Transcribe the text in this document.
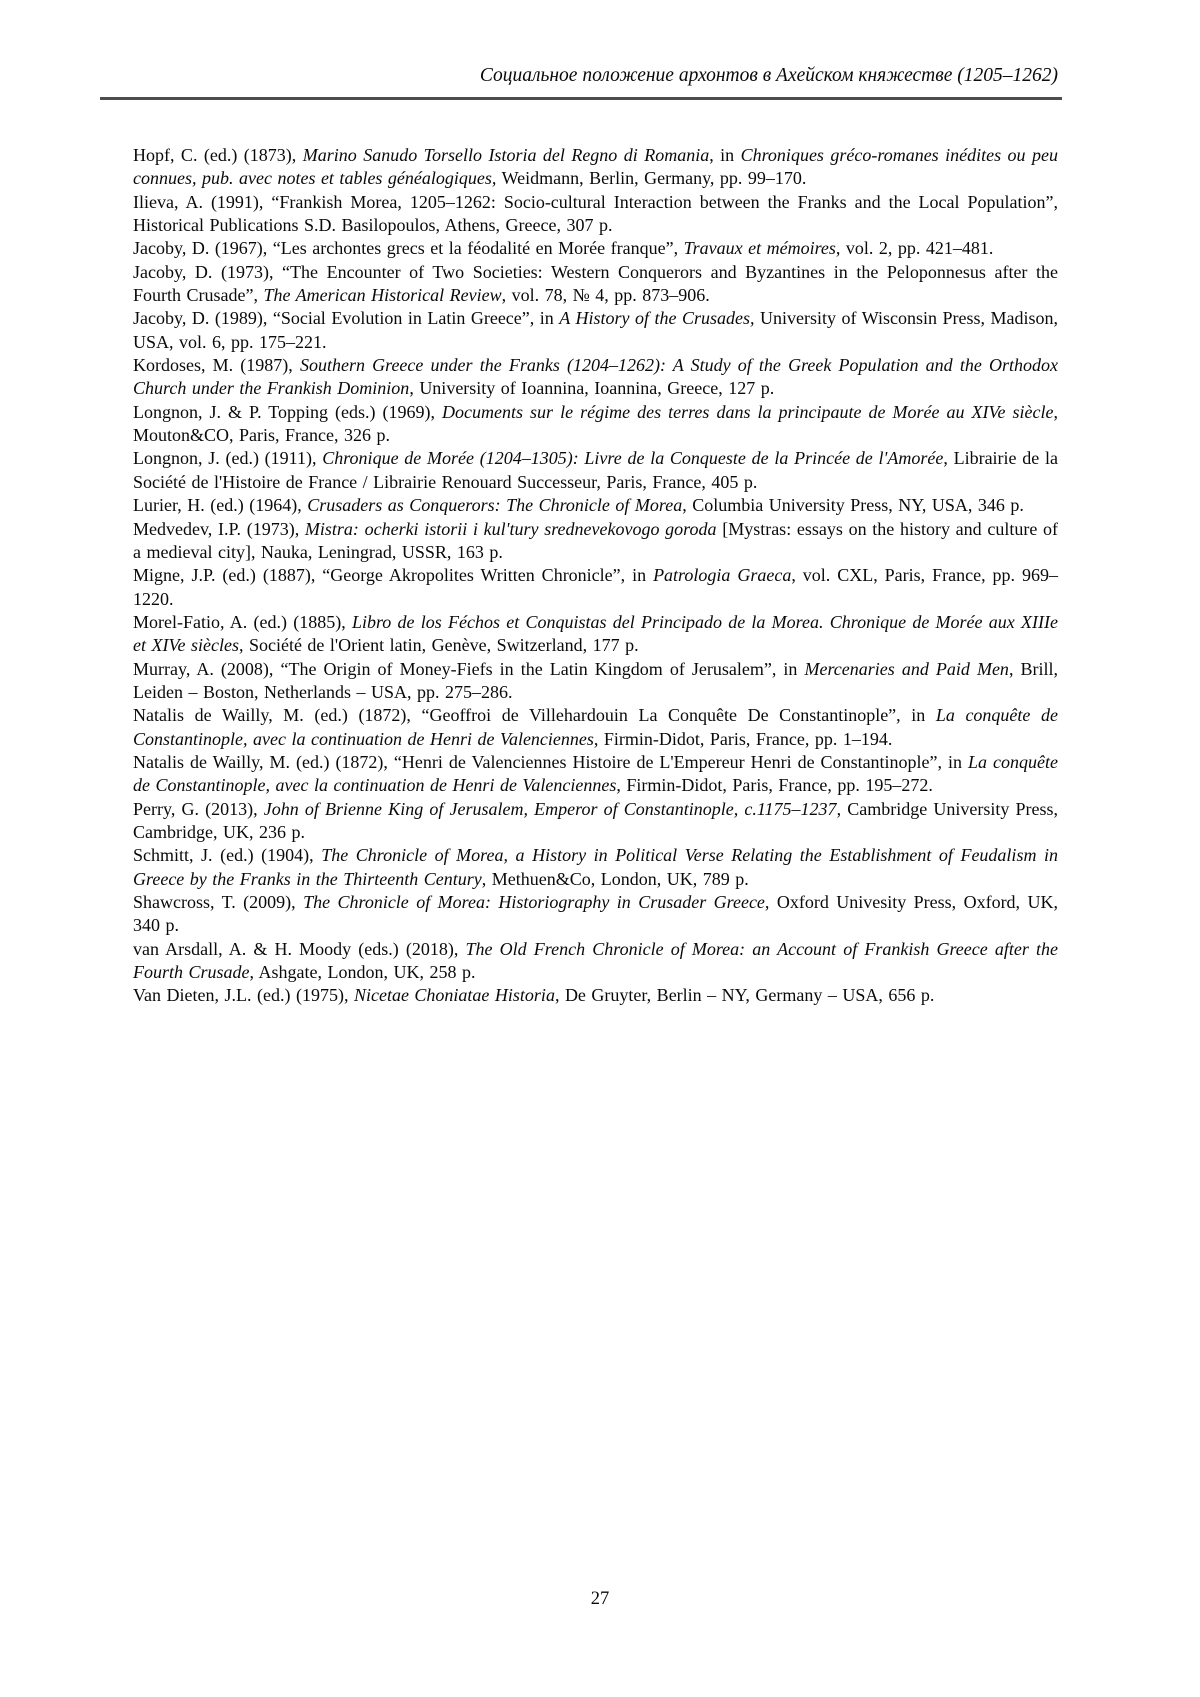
Социальное положение архонтов в Ахейском княжестве (1205–1262)

Hopf, C. (ed.) (1873), Marino Sanudo Torsello Istoria del Regno di Romania, in Chroniques gréco-romanes inédites ou peu connues, pub. avec notes et tables généalogiques, Weidmann, Berlin, Germany, pp. 99–170.

Ilieva, A. (1991), “Frankish Morea, 1205–1262: Socio-cultural Interaction between the Franks and the Local Population”, Historical Publications S.D. Basilopoulos, Athens, Greece, 307 p.

Jacoby, D. (1967), “Les archontes grecs et la féodalité en Morée franque”, Travaux et mémoires, vol. 2, pp. 421–481.

Jacoby, D. (1973), “The Encounter of Two Societies: Western Conquerors and Byzantines in the Peloponnesus after the Fourth Crusade”, The American Historical Review, vol. 78, № 4, pp. 873–906.

Jacoby, D. (1989), “Social Evolution in Latin Greece”, in A History of the Crusades, University of Wisconsin Press, Madison, USA, vol. 6, pp. 175–221.

Kordoses, M. (1987), Southern Greece under the Franks (1204–1262): A Study of the Greek Population and the Orthodox Church under the Frankish Dominion, University of Ioannina, Ioannina, Greece, 127 p.

Longnon, J. & P. Topping (eds.) (1969), Documents sur le régime des terres dans la principaute de Morée au XIVe siècle, Mouton&CO, Paris, France, 326 p.

Longnon, J. (ed.) (1911), Chronique de Morée (1204–1305): Livre de la Conqueste de la Princée de l'Amorée, Librairie de la Société de l'Histoire de France / Librairie Renouard Successeur, Paris, France, 405 p.

Lurier, H. (ed.) (1964), Crusaders as Conquerors: The Chronicle of Morea, Columbia University Press, NY, USA, 346 p.

Medvedev, I.P. (1973), Mistra: ocherki istorii i kul'tury srednevekovogo goroda [Mystras: essays on the history and culture of a medieval city], Nauka, Leningrad, USSR, 163 p.

Migne, J.P. (ed.) (1887), “George Akropolites Written Chronicle”, in Patrologia Graeca, vol. CXL, Paris, France, pp. 969–1220.

Morel-Fatio, A. (ed.) (1885), Libro de los Féchos et Conquistas del Principado de la Morea. Chronique de Morée aux XIIIe et XIVe siècles, Société de l'Orient latin, Genève, Switzerland, 177 p.

Murray, A. (2008), “The Origin of Money-Fiefs in the Latin Kingdom of Jerusalem”, in Mercenaries and Paid Men, Brill, Leiden – Boston, Netherlands – USA, pp. 275–286.

Natalis de Wailly, M. (ed.) (1872), “Geoffroi de Villehardouin La Conquête De Constantinople”, in La conquête de Constantinople, avec la continuation de Henri de Valenciennes, Firmin-Didot, Paris, France, pp. 1–194.

Natalis de Wailly, M. (ed.) (1872), “Henri de Valenciennes Histoire de L'Empereur Henri de Constantinople”, in La conquête de Constantinople, avec la continuation de Henri de Valenciennes, Firmin-Didot, Paris, France, pp. 195–272.

Perry, G. (2013), John of Brienne King of Jerusalem, Emperor of Constantinople, c.1175–1237, Cambridge University Press, Cambridge, UK, 236 p.

Schmitt, J. (ed.) (1904), The Chronicle of Morea, a History in Political Verse Relating the Establishment of Feudalism in Greece by the Franks in the Thirteenth Century, Methuen&Co, London, UK, 789 p.

Shawcross, T. (2009), The Chronicle of Morea: Historiography in Crusader Greece, Oxford Univesity Press, Oxford, UK, 340 p.

van Arsdall, A. & H. Moody (eds.) (2018), The Old French Chronicle of Morea: an Account of Frankish Greece after the Fourth Crusade, Ashgate, London, UK, 258 p.

Van Dieten, J.L. (ed.) (1975), Nicetae Choniatae Historia, De Gruyter, Berlin – NY, Germany – USA, 656 p.

27
